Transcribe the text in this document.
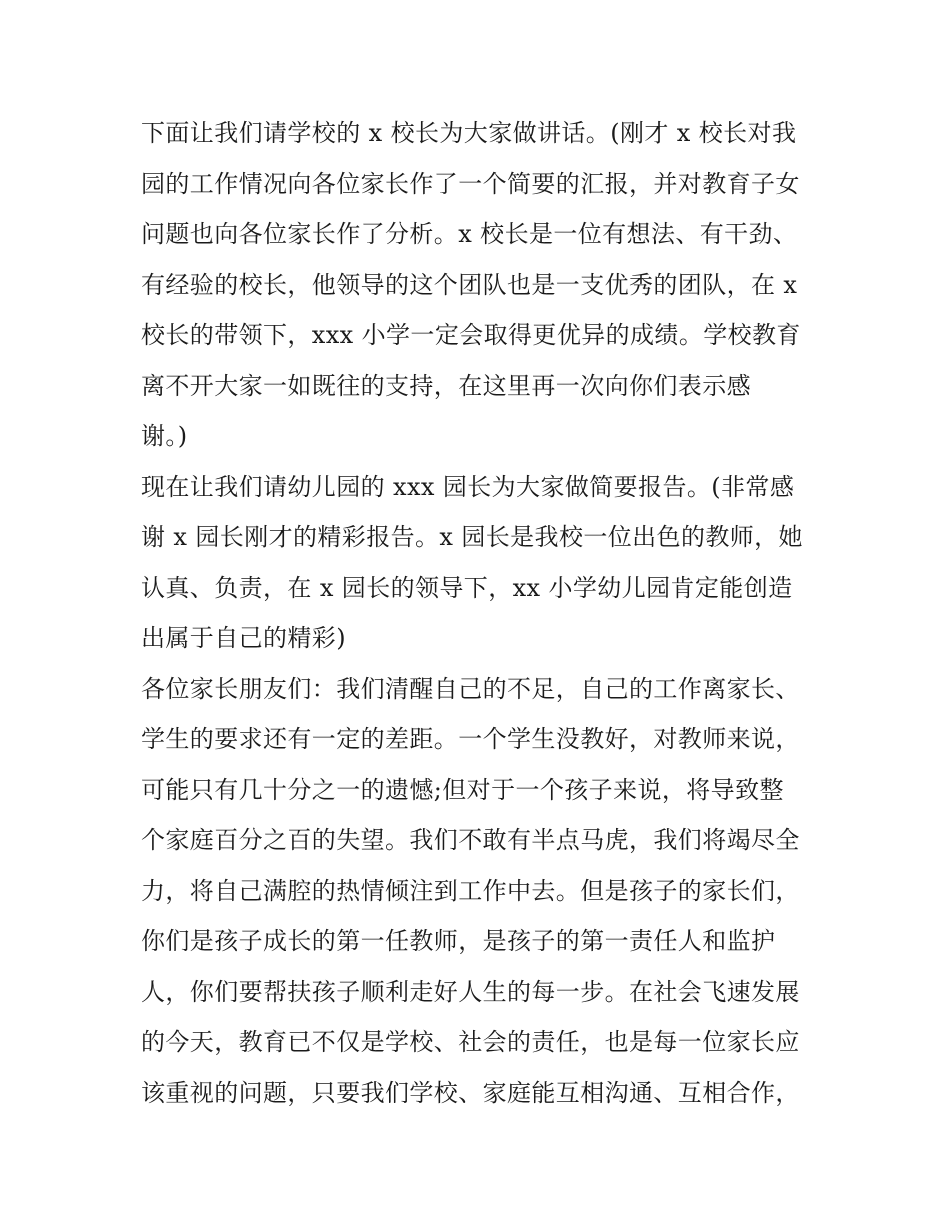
下面让我们请学校的 x 校长为大家做讲话。(刚才 x 校长对我
园的工作情况向各位家长作了一个简要的汇报，并对教育子女
问题也向各位家长作了分析。x 校长是一位有想法、有干劲、
有经验的校长，他领导的这个团队也是一支优秀的团队，在 x
校长的带领下，xxx 小学一定会取得更优异的成绩。学校教育
离不开大家一如既往的支持，在这里再一次向你们表示感
谢。)
现在让我们请幼儿园的 xxx 园长为大家做简要报告。(非常感
谢 x 园长刚才的精彩报告。x 园长是我校一位出色的教师，她
认真、负责，在 x 园长的领导下，xx 小学幼儿园肯定能创造
出属于自己的精彩)
各位家长朋友们：我们清醒自己的不足，自己的工作离家长、
学生的要求还有一定的差距。一个学生没教好，对教师来说，
可能只有几十分之一的遗憾;但对于一个孩子来说，将导致整
个家庭百分之百的失望。我们不敢有半点马虎，我们将竭尽全
力，将自己满腔的热情倾注到工作中去。但是孩子的家长们，
你们是孩子成长的第一任教师，是孩子的第一责任人和监护
人，你们要帮扶孩子顺利走好人生的每一步。在社会飞速发展
的今天，教育已不仅是学校、社会的责任，也是每一位家长应
该重视的问题，只要我们学校、家庭能互相沟通、互相合作，
